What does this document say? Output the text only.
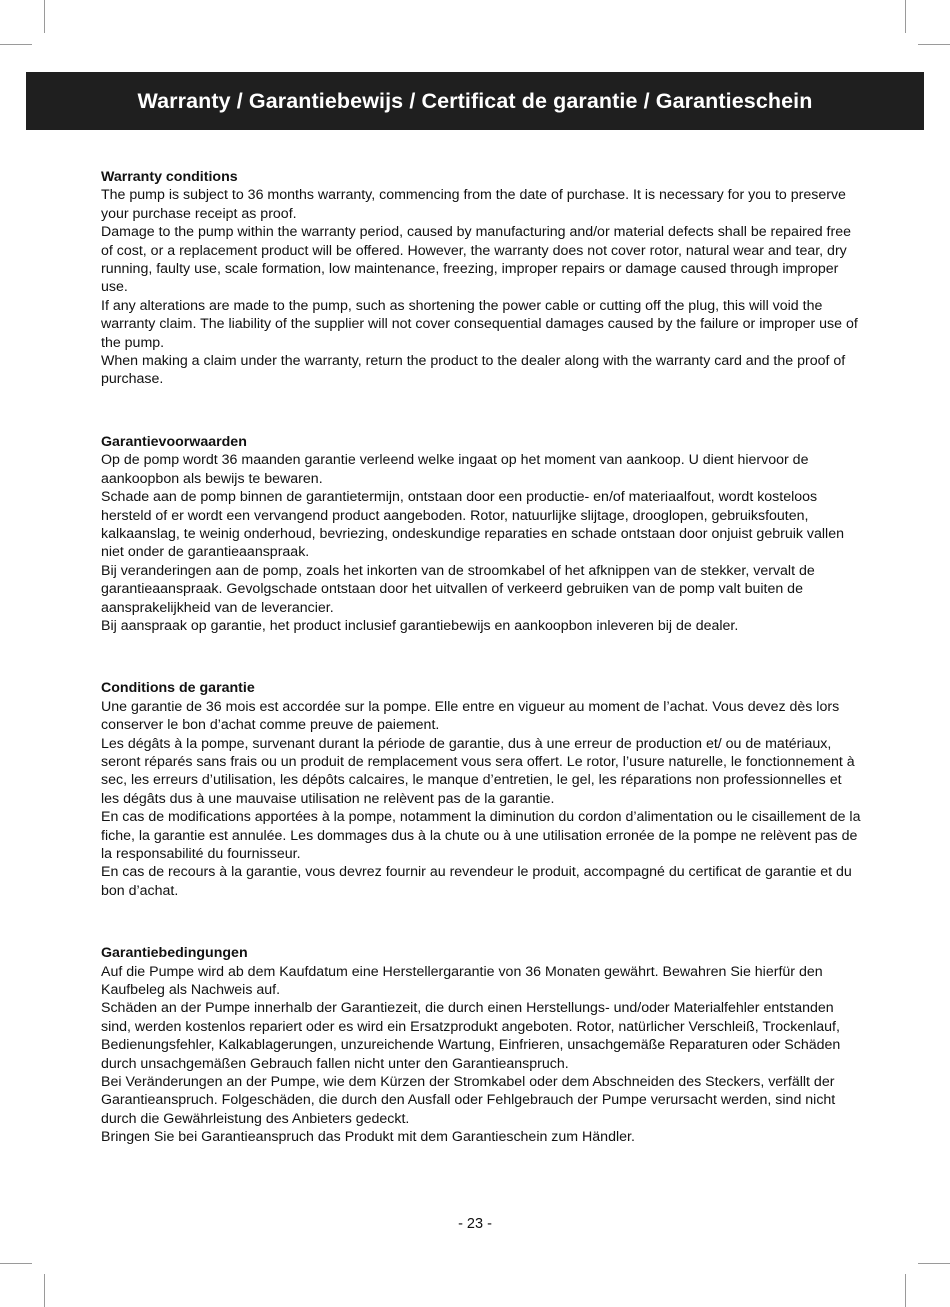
Warranty / Garantiebewijs / Certificat de garantie / Garantieschein
Warranty conditions

The pump is subject to 36 months warranty, commencing from the date of purchase. It is necessary for you to preserve your purchase receipt as proof.

Damage to the pump within the warranty period, caused by manufacturing and/or material defects shall be repaired free of cost, or a replacement product will be offered. However, the warranty does not cover rotor, natural wear and tear, dry running, faulty use, scale formation, low maintenance, freezing, improper repairs or damage caused through improper use.

If any alterations are made to the pump, such as shortening the power cable or cutting off the plug, this will void the warranty claim. The liability of the supplier will not cover consequential damages caused by the failure or improper use of the pump.

When making a claim under the warranty, return the product to the dealer along with the warranty card and the proof of purchase.

Garantievoorwaarden

Op de pomp wordt 36 maanden garantie verleend welke ingaat op het moment van aankoop. U dient hiervoor de aankoopbon als bewijs te bewaren.

Schade aan de pomp binnen de garantietermijn, ontstaan door een productie- en/of materiaalfout, wordt kosteloos hersteld of er wordt een vervangend product aangeboden. Rotor, natuurlijke slijtage, drooglopen, gebruiksfouten, kalkaanslag, te weinig onderhoud, bevriezing, ondeskundige reparaties en schade ontstaan door onjuist gebruik vallen niet onder de garantieaanspraak.

Bij veranderingen aan de pomp, zoals het inkorten van de stroomkabel of het afknippen van de stekker, vervalt de garantieaanspraak. Gevolgschade ontstaan door het uitvallen of verkeerd gebruiken van de pomp valt buiten de aansprakelijkheid van de leverancier.

Bij aanspraak op garantie, het product inclusief garantiebewijs en aankoopbon inleveren bij de dealer.

Conditions de garantie

Une garantie de 36 mois est accordée sur la pompe. Elle entre en vigueur au moment de l’achat. Vous devez dès lors conserver le bon d’achat comme preuve de paiement.

Les dégâts à la pompe, survenant durant la période de garantie, dus à une erreur de production et/ ou de matériaux, seront réparés sans frais ou un produit de remplacement vous sera offert. Le rotor, l’usure naturelle, le fonctionnement à sec, les erreurs d’utilisation, les dépôts calcaires, le manque d’entretien, le gel, les réparations non professionnelles et les dégâts dus à une mauvaise utilisation ne relèvent pas de la garantie.

En cas de modifications apportées à la pompe, notamment la diminution du cordon d’alimentation ou le cisaillement de la fiche, la garantie est annulée. Les dommages dus à la chute ou à une utilisation erronée de la pompe ne relèvent pas de la responsabilité du fournisseur.

En cas de recours à la garantie, vous devrez fournir au revendeur le produit, accompagné du certificat de garantie et du bon d’achat.

Garantiebedingungen

Auf die Pumpe wird ab dem Kaufdatum eine Herstellergarantie von 36 Monaten gewährt. Bewahren Sie hierfür den Kaufbeleg als Nachweis auf.

Schäden an der Pumpe innerhalb der Garantiezeit, die durch einen Herstellungs- und/oder Materialfehler entstanden sind, werden kostenlos repariert oder es wird ein Ersatzprodukt angeboten. Rotor, natürlicher Verschleiß, Trockenlauf, Bedienungsfehler, Kalkablagerungen, unzureichende Wartung, Einfrieren, unsachgemäße Reparaturen oder Schäden durch unsachgemäßen Gebrauch fallen nicht unter den Garantieanspruch.

Bei Veränderungen an der Pumpe, wie dem Kürzen der Stromkabel oder dem Abschneiden des Steckers, verfällt der Garantieanspruch. Folgeschäden, die durch den Ausfall oder Fehlgebrauch der Pumpe verursacht werden, sind nicht durch die Gewährleistung des Anbieters gedeckt.

Bringen Sie bei Garantieanspruch das Produkt mit dem Garantieschein zum Händler.

- 23 -
